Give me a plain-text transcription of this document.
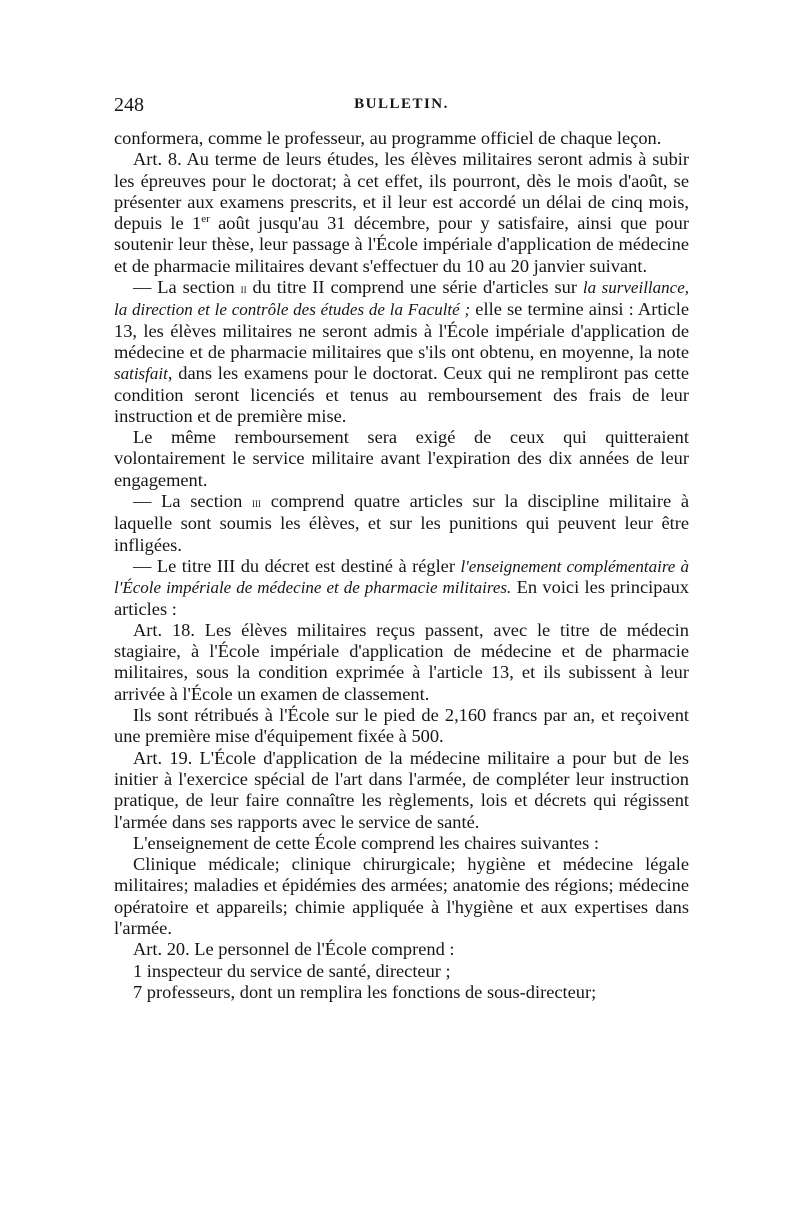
248	BULLETIN.

conformera, comme le professeur, au programme officiel de chaque leçon.

Art. 8. Au terme de leurs études, les élèves militaires seront admis à subir les épreuves pour le doctorat; à cet effet, ils pourront, dès le mois d'août, se présenter aux examens prescrits, et il leur est accordé un délai de cinq mois, depuis le 1er août jusqu'au 31 décembre, pour y satisfaire, ainsi que pour soutenir leur thèse, leur passage à l'École impériale d'application de médecine et de pharmacie militaires devant s'effectuer du 10 au 20 janvier suivant.

— La section ii du titre II comprend une série d'articles sur la surveillance, la direction et le contrôle des études de la Faculté ; elle se termine ainsi : Article 13, les élèves militaires ne seront admis à l'École impériale d'application de médecine et de pharmacie militaires que s'ils ont obtenu, en moyenne, la note satisfait, dans les examens pour le doctorat. Ceux qui ne rempliront pas cette condition seront licenciés et tenus au remboursement des frais de leur instruction et de première mise.

Le même remboursement sera exigé de ceux qui quitteraient volontairement le service militaire avant l'expiration des dix années de leur engagement.

— La section iii comprend quatre articles sur la discipline militaire à laquelle sont soumis les élèves, et sur les punitions qui peuvent leur être infligées.

— Le titre III du décret est destiné à régler l'enseignement complémentaire à l'École impériale de médecine et de pharmacie militaires. En voici les principaux articles :

Art. 18. Les élèves militaires reçus passent, avec le titre de médecin stagiaire, à l'École impériale d'application de médecine et de pharmacie militaires, sous la condition exprimée à l'article 13, et ils subissent à leur arrivée à l'École un examen de classement.

Ils sont rétribués à l'École sur le pied de 2,160 francs par an, et reçoivent une première mise d'équipement fixée à 500.

Art. 19. L'École d'application de la médecine militaire a pour but de les initier à l'exercice spécial de l'art dans l'armée, de compléter leur instruction pratique, de leur faire connaître les règlements, lois et décrets qui régissent l'armée dans ses rapports avec le service de santé.

L'enseignement de cette École comprend les chaires suivantes :

Clinique médicale; clinique chirurgicale; hygiène et médecine légale militaires; maladies et épidémies des armées; anatomie des régions; médecine opératoire et appareils; chimie appliquée à l'hygiène et aux expertises dans l'armée.

Art. 20. Le personnel de l'École comprend :

1 inspecteur du service de santé, directeur ;

7 professeurs, dont un remplira les fonctions de sous-directeur;
